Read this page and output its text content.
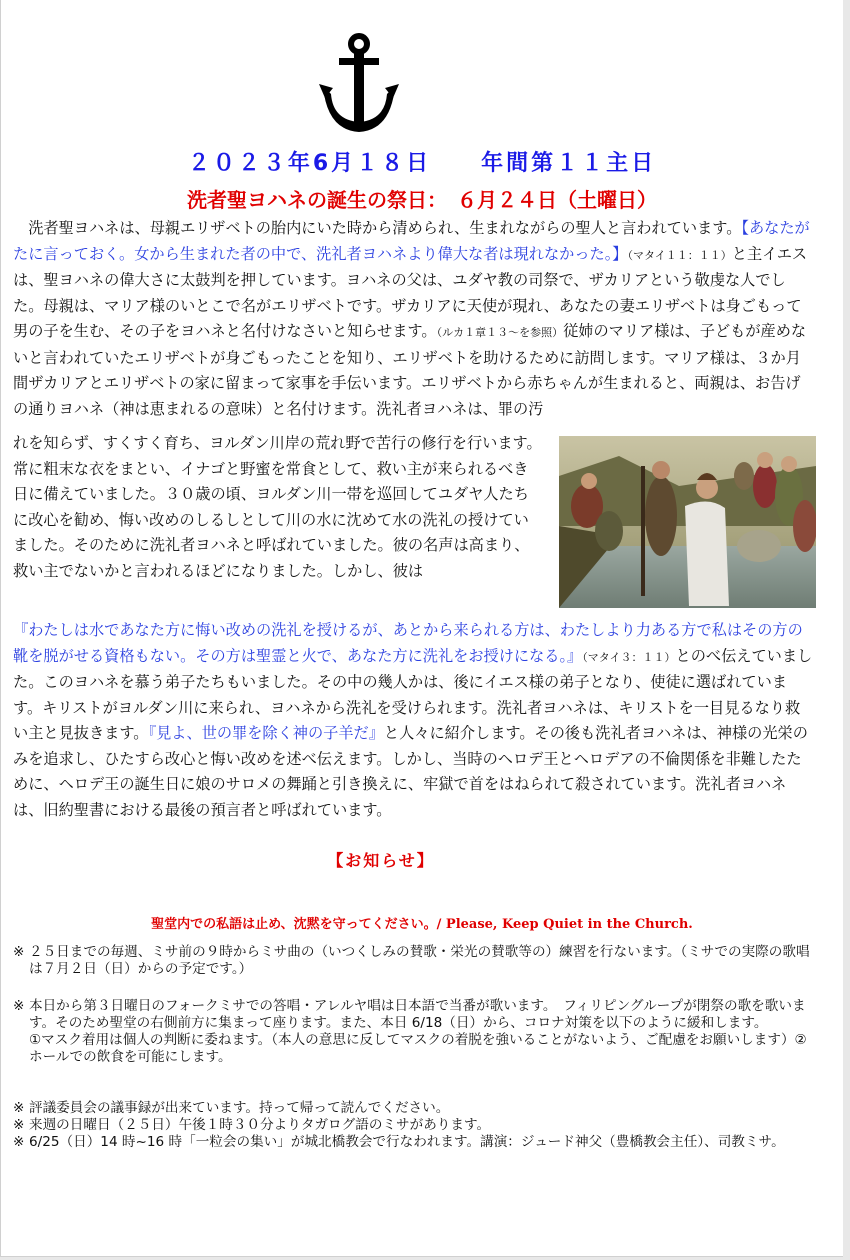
２０２３年6月１８日　　年間第１１主日
洗者聖ヨハネの誕生の祭日：　６月２４日（土曜日）
洗者聖ヨハネは、母親エリザベトの胎内にいた時から清められ、生まれながらの聖人と言われています。【あなたがたに言っておく。女から生まれた者の中で、洗礼者ヨハネより偉大な者は現れなかった。】（マタイ１１：１１）と主イエスは、聖ヨハネの偉大さに太鼓判を押しています。ヨハネの父は、ユダヤ教の司祭で、ザカリアという敬虔な人でした。母親は、マリア様のいとこで名がエリザベトです。ザカリアに天使が現れ、あなたの妻エリザベトは身ごもって男の子を生む、その子をヨハネと名付けなさいと知らせます。（ルカ１章１３～を参照）従姉のマリア様は、子どもが産めないと言われていたエリザベトが身ごもったことを知り、エリザベトを助けるために訪問します。マリア様は、３か月間ザカリアとエリザベトの家に留まって家事を手伝います。エリザベトから赤ちゃんが生まれると、両親は、お告げの通りヨハネ（神は恵まれるの意味）と名付けます。洗礼者ヨハネは、罪の汚
れを知らず、すくすく育ち、ヨルダン川岸の荒れ野で苦行の修行を行います。常に粗末な衣をまとい、イナゴと野蜜を常食として、救い主が来られるべき日に備えていました。３０歳の頃、ヨルダン川一帯を巡回してユダヤ人たちに改心を勧め、悔い改めのしるしとして川の水に沈めて水の洗礼の授けていました。そのために洗礼者ヨハネと呼ばれていました。彼の名声は高まり、救い主でないかと言われるほどになりました。しかし、彼は
『わたしは水であなた方に悔い改めの洗礼を授けるが、あとから来られる方は、わたしより力ある方で私はその方の靴を脱がせる資格もない。その方は聖霊と火で、あなた方に洗礼をお授けになる。』（マタイ３：１１）とのべ伝えていました。このヨハネを慕う弟子たちもいました。その中の幾人かは、後にイエス様の弟子となり、使徒に選ばれています。キリストがヨルダン川に来られ、ヨハネから洗礼を受けられます。洗礼者ヨハネは、キリストを一目見るなり救い主と見抜きます。『見よ、世の罪を除く神の子羊だ』と人々に紹介します。その後も洗礼者ヨハネは、神様の光栄のみを追求し、ひたすら改心と悔い改めを述べ伝えます。しかし、当時のヘロデ王とヘロデアの不倫関係を非難したために、ヘロデ王の誕生日に娘のサロメの舞踊と引き換えに、牢獄で首をはねられて殺されています。洗礼者ヨハネは、旧約聖書における最後の預言者と呼ばれています。
【お知らせ】
聖堂内での私語は止め、沈黙を守ってください。/ Please, Keep Quiet in the Church.
※ ２５日までの毎週、ミサ前の９時からミサ曲の（いつくしみの賛歌・栄光の賛歌等の）練習を行ないます。（ミサでの実際の歌唱は７月２日（日）からの予定です。）
※ 本日から第３日曜日のフォークミサでの答唱・アレルヤ唱は日本語で当番が歌います。　フィリピングループが閉祭の歌を歌います。そのため聖堂の右側前方に集まって座ります。また、本日 6/18（日）から、コロナ対策を以下のように緩和します。
①マスク着用は個人の判断に委ねます。（本人の意思に反してマスクの着脱を強いることがないよう、ご配慮をお願いします）②ホールでの飲食を可能にします。
※ 評議委員会の議事録が出来ています。持って帰って読んでください。
※ 来週の日曜日（２５日）午後１時３０分よりタガログ語のミサがあります。
※ 6/25（日）14 時~16 時「一粒会の集い」が城北橋教会で行なわれます。講演：ジュード神父（豊橋教会主任）、司教ミサ。
